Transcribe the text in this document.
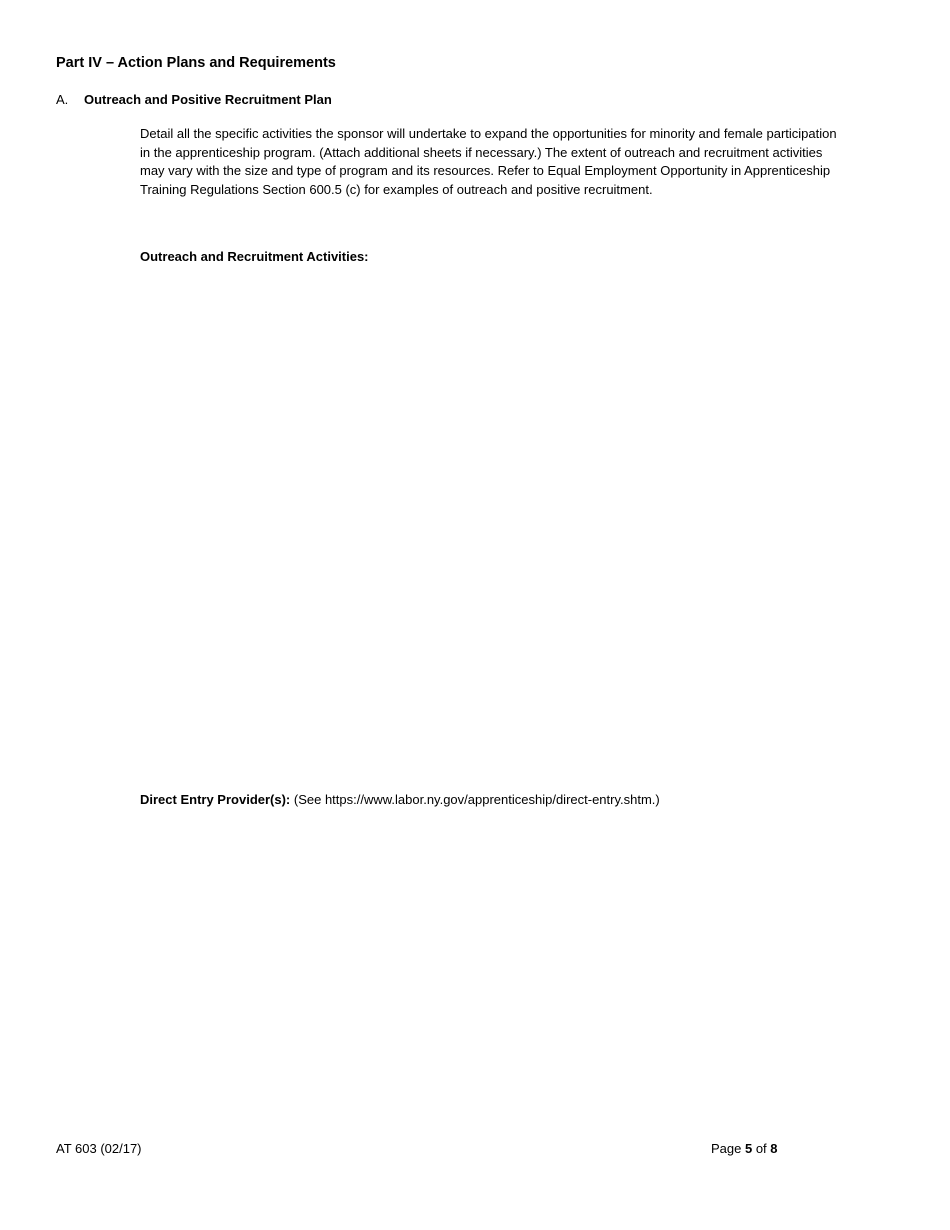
Part IV – Action Plans and Requirements
A. Outreach and Positive Recruitment Plan
Detail all the specific activities the sponsor will undertake to expand the opportunities for minority and female participation
in the apprenticeship program. (Attach additional sheets if necessary.) The extent of outreach and recruitment activities
may vary with the size and type of program and its resources. Refer to Equal Employment Opportunity in Apprenticeship
Training Regulations Section 600.5 (c) for examples of outreach and positive recruitment.
Outreach and Recruitment Activities:
Direct Entry Provider(s): (See https://www.labor.ny.gov/apprenticeship/direct-entry.shtm.)
AT 603 (02/17)	Page 5 of 8
